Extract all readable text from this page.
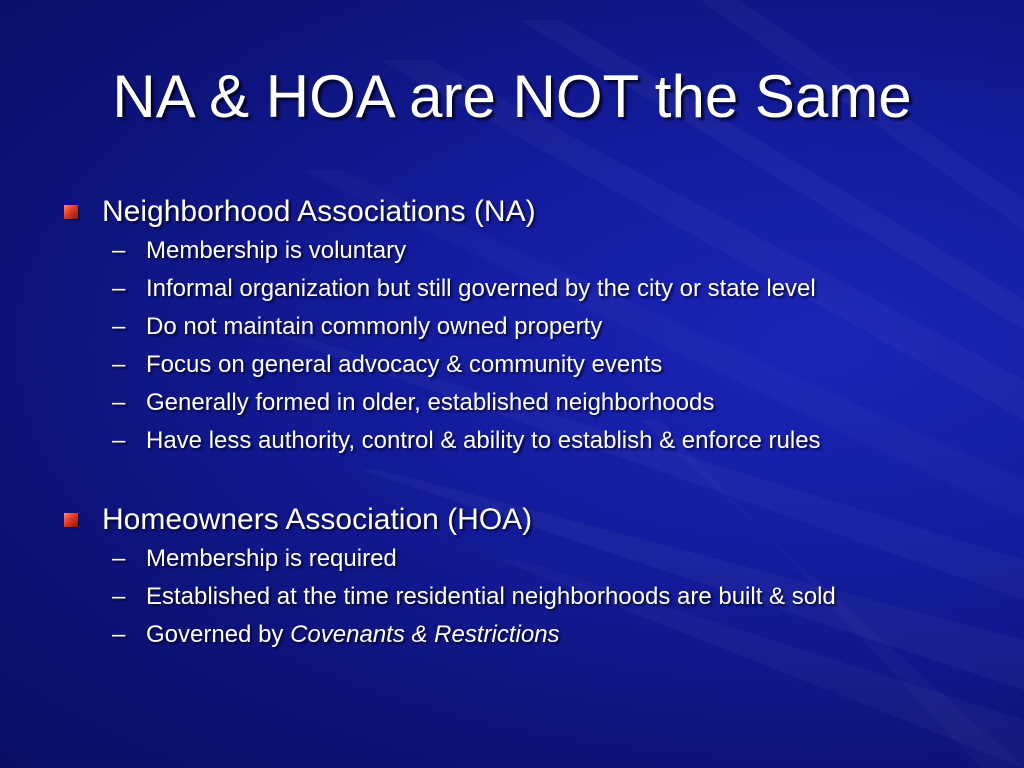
NA & HOA are NOT the Same
Neighborhood Associations (NA)
– Membership is voluntary
– Informal organization but still governed by the city or state level
– Do not maintain commonly owned property
– Focus on general advocacy & community events
– Generally formed in older, established neighborhoods
– Have less authority, control & ability to establish & enforce rules
Homeowners Association (HOA)
– Membership is required
– Established at the time residential neighborhoods are built & sold
– Governed by Covenants & Restrictions
